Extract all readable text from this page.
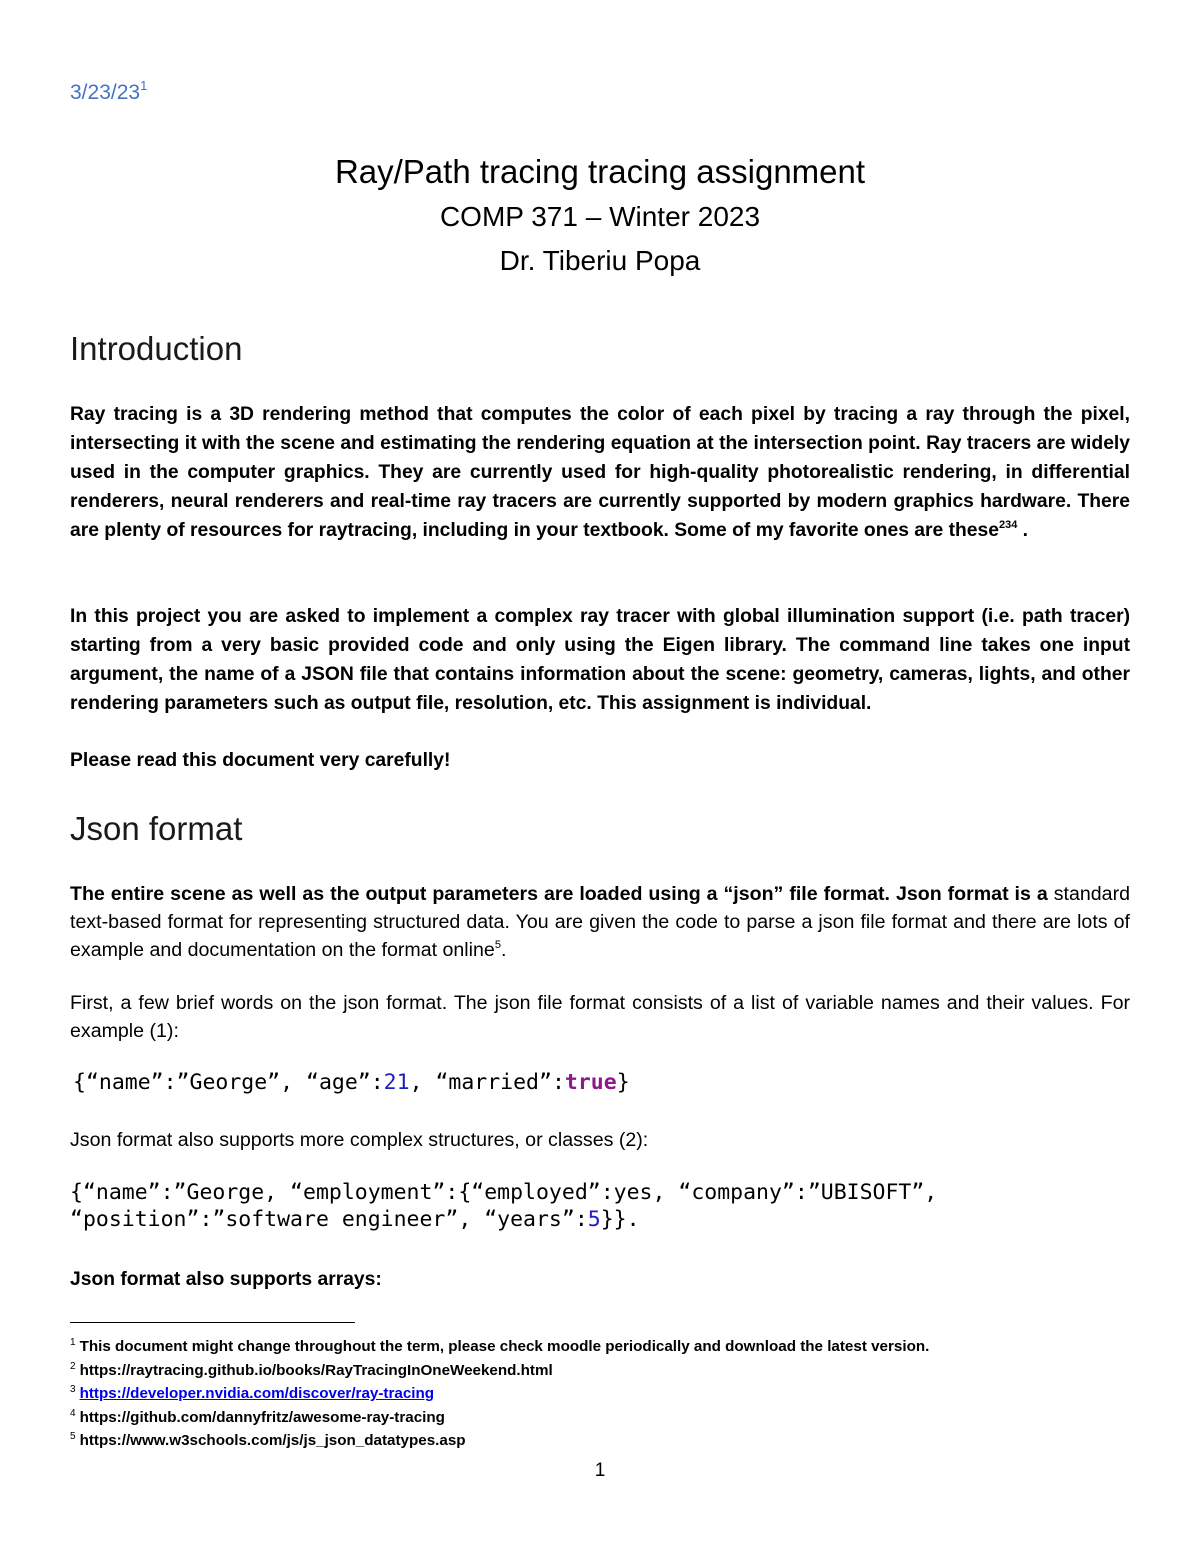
$3/23/23^1$
Ray/Path tracing tracing assignment
COMP 371 – Winter 2023
Dr. Tiberiu Popa
Introduction

Ray tracing is a 3D rendering method that computes the color of each pixel by tracing a ray through the pixel, intersecting it with the scene and estimating the rendering equation at the intersection point. Ray tracers are widely used in the computer graphics. They are currently used for high-quality photorealistic rendering, in differential renderers, neural renderers and real-time ray tracers are currently supported by modern graphics hardware. There are plenty of resources for raytracing, including in your textbook. Some of my favorite ones are these$^{234}$ .

In this project you are asked to implement a complex ray tracer with global illumination support (i.e. path tracer) starting from a very basic provided code and only using the Eigen library. The command line takes one input argument, the name of a JSON file that contains information about the scene: geometry, cameras, lights, and other rendering parameters such as output file, resolution, etc. This assignment is individual.

Please read this document very carefully!

Json format

The entire scene as well as the output parameters are loaded using a “json” file format. Json format is a standard text-based format for representing structured data. You are given the code to parse a json file format and there are lots of example and documentation on the format online$^5$.

First, a few brief words on the json format. The json file format consists of a list of variable names and their values. For example (1):

{“name”:”George”, “age”:21, “married”:true}

Json format also supports more complex structures, or classes (2):

{“name”:”George, “employment”:{“employed”:yes, “company”:”UBISOFT”,
“position”:”software engineer”, “years”:5}}.

Json format also supports arrays:

$^1$ This document might change throughout the term, please check moodle periodically and download the latest version.

$^2$ https://raytracing.github.io/books/RayTracingInOneWeekend.html

$^3$ https://developer.nvidia.com/discover/ray-tracing

$^4$ https://github.com/dannyfritz/awesome-ray-tracing

$^5$ https://www.w3schools.com/js/js_json_datatypes.asp

1
